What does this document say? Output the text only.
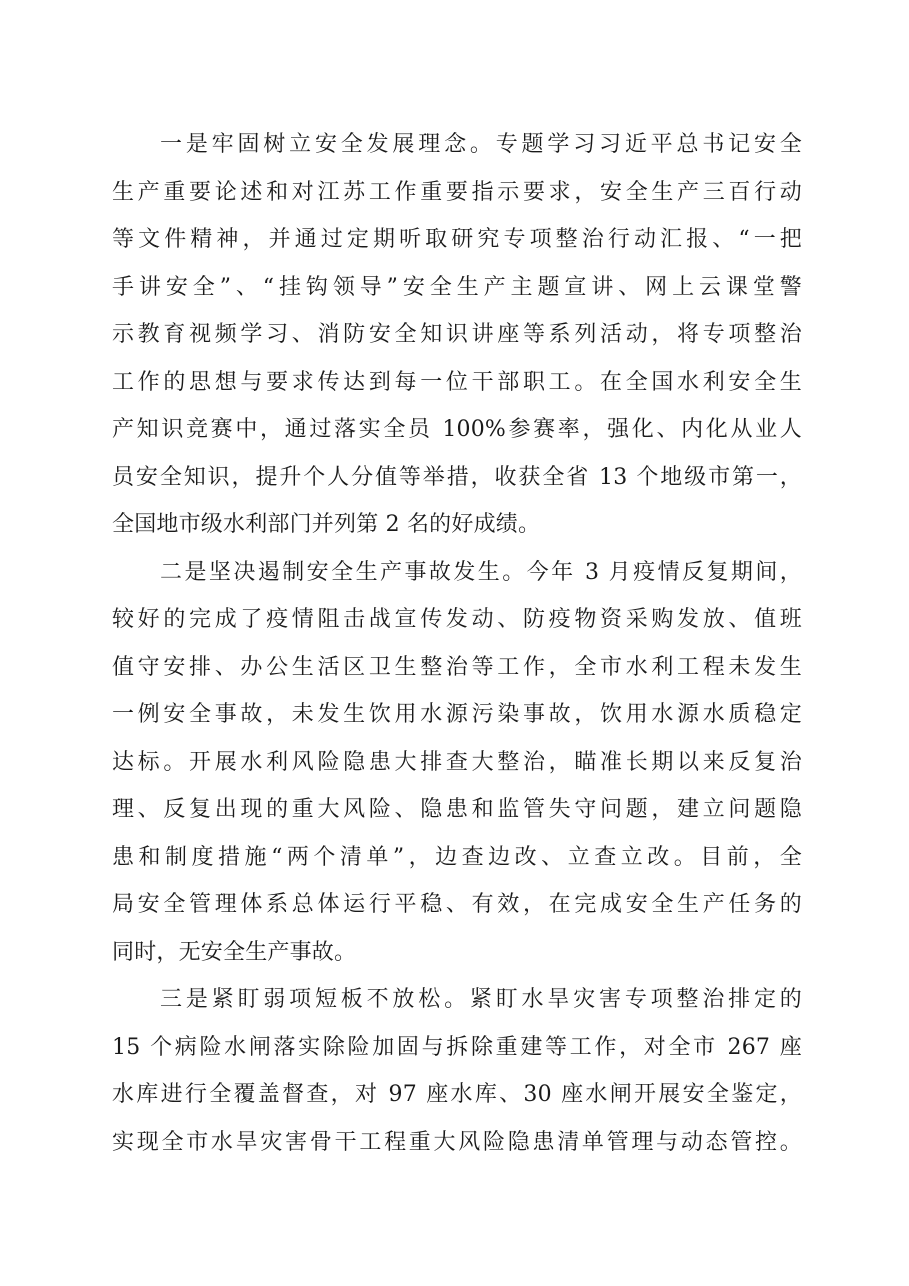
一是牢固树立安全发展理念。专题学习习近平总书记安全
生产重要论述和对江苏工作重要指示要求，安全生产三百行动
等文件精神，并通过定期听取研究专项整治行动汇报、“一把
手讲安全”、“挂钩领导”安全生产主题宣讲、网上云课堂警
示教育视频学习、消防安全知识讲座等系列活动，将专项整治
工作的思想与要求传达到每一位干部职工。在全国水利安全生
产知识竞赛中，通过落实全员 100%参赛率，强化、内化从业人
员安全知识，提升个人分值等举措，收获全省 13 个地级市第一，
全国地市级水利部门并列第 2 名的好成绩。
二是坚决遏制安全生产事故发生。今年 3 月疫情反复期间，
较好的完成了疫情阻击战宣传发动、防疫物资采购发放、值班
值守安排、办公生活区卫生整治等工作，全市水利工程未发生
一例安全事故，未发生饮用水源污染事故，饮用水源水质稳定
达标。开展水利风险隐患大排查大整治，瞄准长期以来反复治
理、反复出现的重大风险、隐患和监管失守问题，建立问题隐
患和制度措施“两个清单”，边查边改、立查立改。目前，全
局安全管理体系总体运行平稳、有效，在完成安全生产任务的
同时，无安全生产事故。
三是紧盯弱项短板不放松。紧盯水旱灾害专项整治排定的
15 个病险水闸落实除险加固与拆除重建等工作，对全市 267 座
水库进行全覆盖督查，对 97 座水库、30 座水闸开展安全鉴定，
实现全市水旱灾害骨干工程重大风险隐患清单管理与动态管控。
